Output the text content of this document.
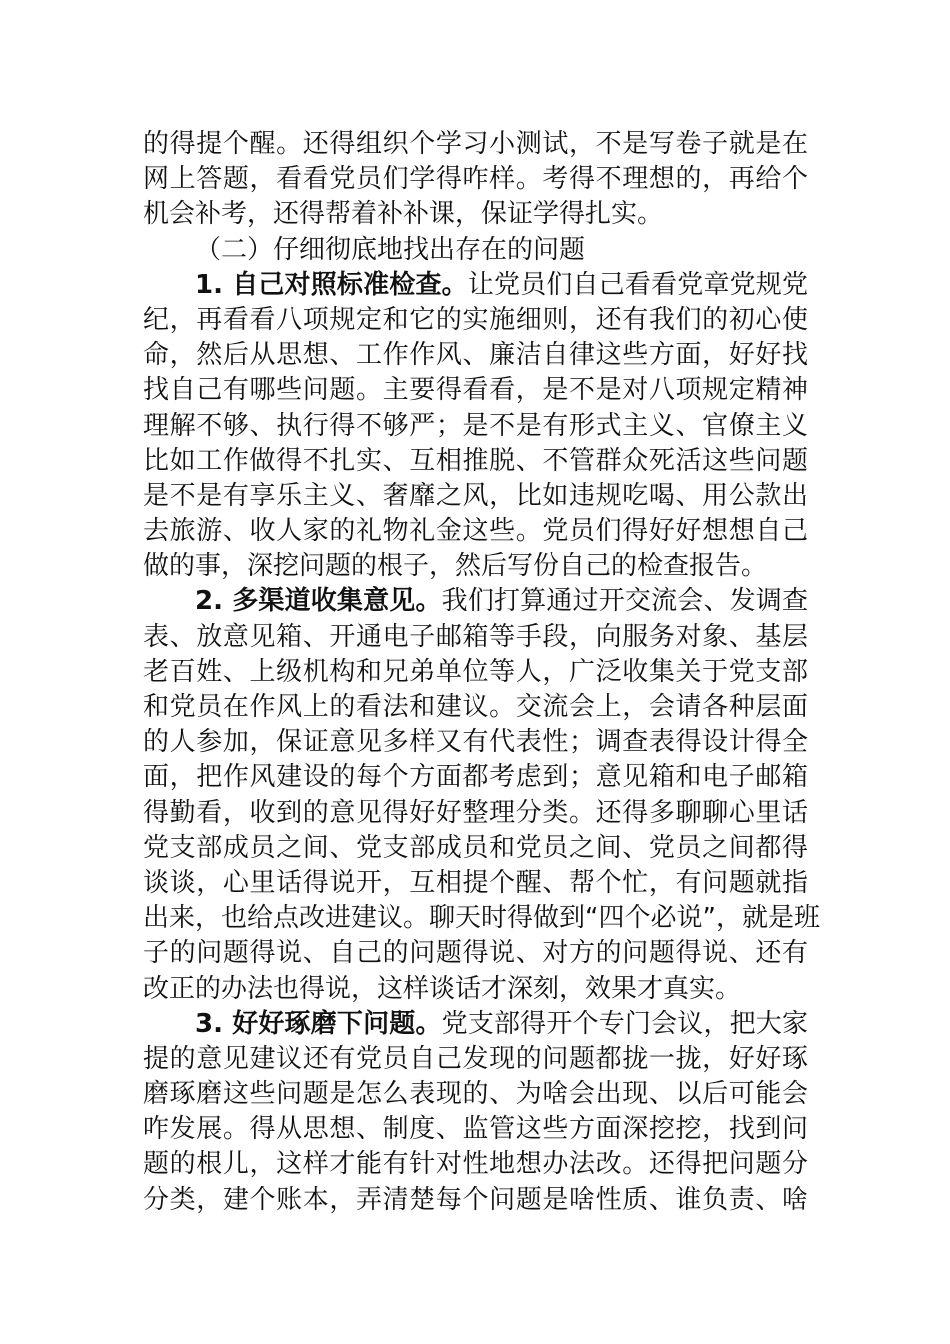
的得提个醒。还得组织个学习小测试，不是写卷子就是在
网上答题，看看党员们学得咋样。考得不理想的，再给个
机会补考，还得帮着补补课，保证学得扎实。
（二）仔细彻底地找出存在的问题
1. 自己对照标准检查。让党员们自己看看党章党规党
纪，再看看八项规定和它的实施细则，还有我们的初心使
命，然后从思想、工作作风、廉洁自律这些方面，好好找
找自己有哪些问题。主要得看看，是不是对八项规定精神
理解不够、执行得不够严；是不是有形式主义、官僚主义
比如工作做得不扎实、互相推脱、不管群众死活这些问题
是不是有享乐主义、奢靡之风，比如违规吃喝、用公款出
去旅游、收人家的礼物礼金这些。党员们得好好想想自己
做的事，深挖问题的根子，然后写份自己的检查报告。
2. 多渠道收集意见。我们打算通过开交流会、发调查
表、放意见箱、开通电子邮箱等手段，向服务对象、基层
老百姓、上级机构和兄弟单位等人，广泛收集关于党支部
和党员在作风上的看法和建议。交流会上，会请各种层面
的人参加，保证意见多样又有代表性；调查表得设计得全
面，把作风建设的每个方面都考虑到；意见箱和电子邮箱
得勤看，收到的意见得好好整理分类。还得多聊聊心里话
党支部成员之间、党支部成员和党员之间、党员之间都得
谈谈，心里话得说开，互相提个醒、帮个忙，有问题就指
出来，也给点改进建议。聊天时得做到“四个必说”，就是班
子的问题得说、自己的问题得说、对方的问题得说、还有
改正的办法也得说，这样谈话才深刻，效果才真实。
3. 好好琢磨下问题。党支部得开个专门会议，把大家
提的意见建议还有党员自己发现的问题都拢一拢，好好琢
磨琢磨这些问题是怎么表现的、为啥会出现、以后可能会
咋发展。得从思想、制度、监管这些方面深挖挖，找到问
题的根儿，这样才能有针对性地想办法改。还得把问题分
分类，建个账本，弄清楚每个问题是啥性质、谁负责、啥
